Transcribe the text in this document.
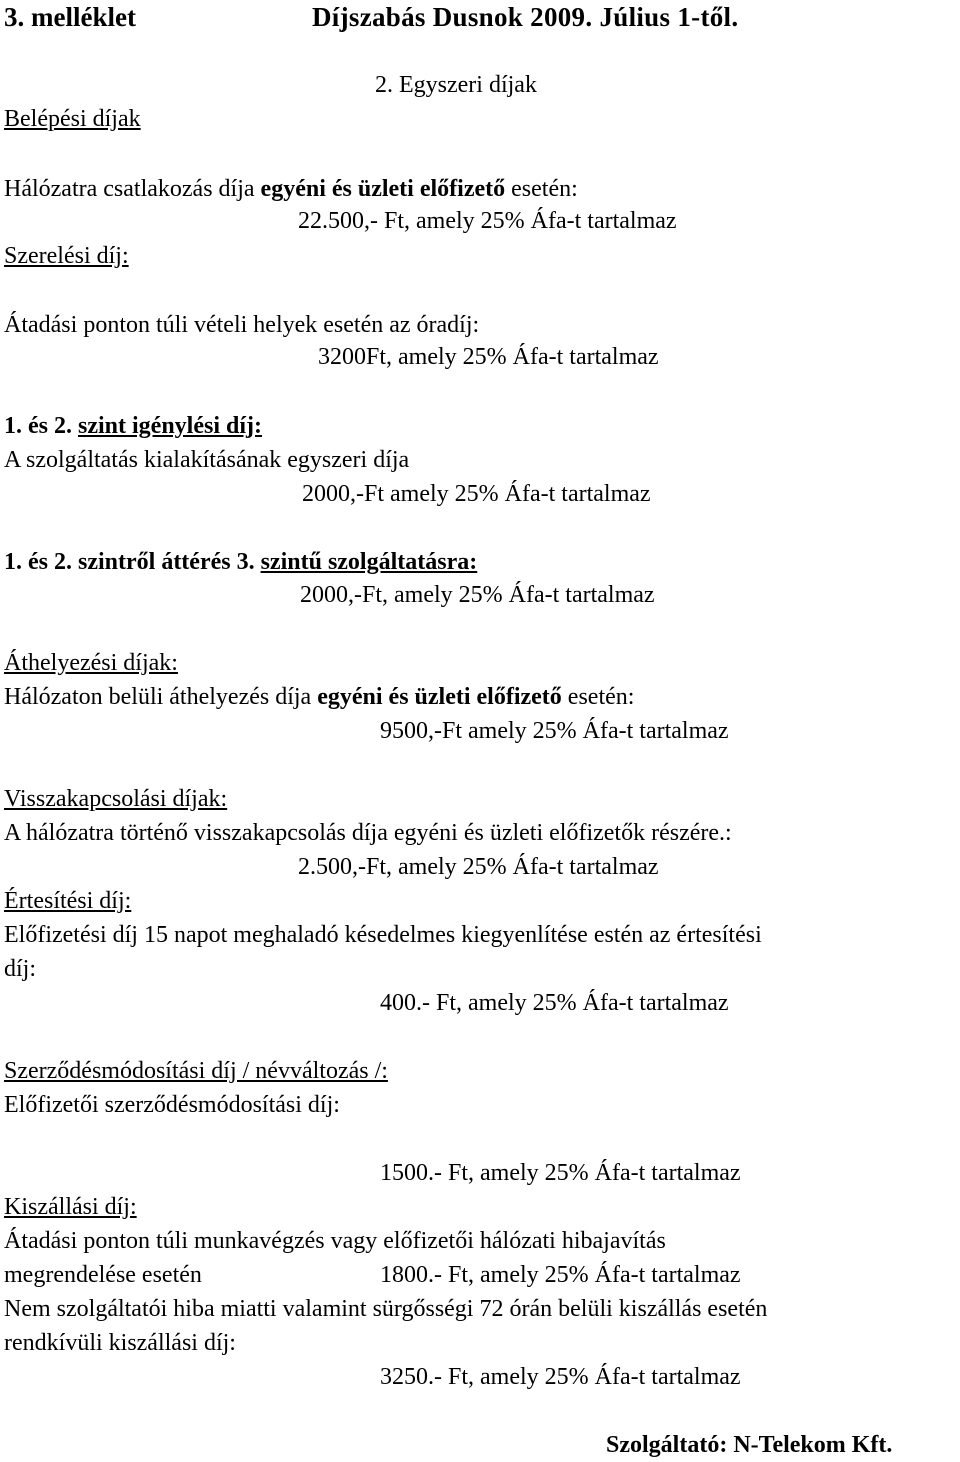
3. melléklet	Díjszabás Dusnok 2009. Július 1-től.
2. Egyszeri díjak
Belépési díjak
Hálózatra csatlakozás díja egyéni és üzleti előfizető esetén:
22.500,- Ft, amely 25% Áfa-t tartalmaz
Szerelési díj:
Átadási ponton túli vételi helyek esetén az óradíj:
3200Ft, amely 25% Áfa-t tartalmaz
1. és 2. szint igénylési díj:
A szolgáltatás kialakításának egyszeri díja
2000,-Ft amely 25% Áfa-t tartalmaz
1. és 2. szintről áttérés 3. szintű szolgáltatásra:
2000,-Ft, amely 25% Áfa-t tartalmaz
Áthelyezési díjak:
Hálózaton belüli áthelyezés díja egyéni és üzleti előfizető esetén:
9500,-Ft amely 25% Áfa-t tartalmaz
Visszakapcsolási díjak:
A hálózatra történő visszakapcsolás díja egyéni és üzleti előfizetők részére.:
2.500,-Ft, amely 25% Áfa-t tartalmaz
Értesítési díj:
Előfizetési díj 15 napot meghaladó késedelmes kiegyenlítése estén az értesítési
díj:
400.- Ft, amely 25% Áfa-t tartalmaz
Szerződésmódosítási díj / névváltozás /:
Előfizetői szerződésmódosítási díj:
1500.- Ft, amely 25% Áfa-t tartalmaz
Kiszállási díj:
Átadási ponton túli munkavégzés vagy előfizetői hálózati hibajavítás
megrendelése esetén	1800.- Ft, amely 25% Áfa-t tartalmaz
Nem szolgáltatói hiba miatti valamint sürgősségi 72 órán belüli kiszállás esetén
rendkívüli kiszállási díj:
3250.- Ft, amely 25% Áfa-t tartalmaz
Szolgáltató: N-Telekom Kft.
